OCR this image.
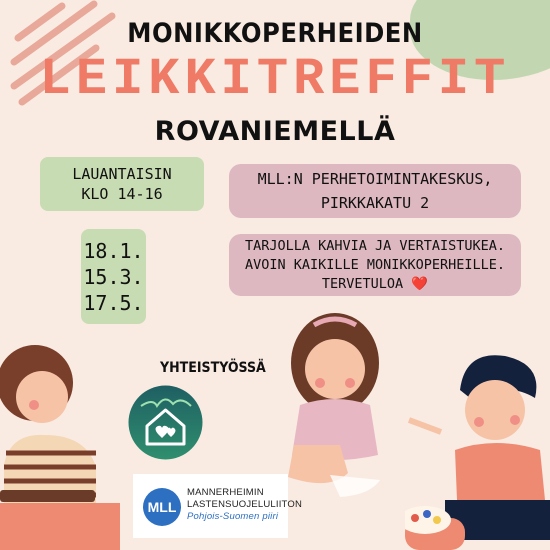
MONIKKOPERHEIDEN
LEIKKITREFFIT
ROVANIEMELLÄ
LAUANTAISIN
KLO 14-16
MLL:N PERHETOIMINTAKESKUS,
PIRKKAKATU 2
18.1.
15.3.
17.5.
TARJOLLA KAHVIA JA VERTAISTUKEA.
AVOIN KAIKILLE MONIKKOPERHEILLE.
TERVETULOA ❤️
YHTEISTYÖSSÄ
MLL
MANNERHEIMIN
LASTENSUOJELULIITON
Pohjois-Suomen piiri
